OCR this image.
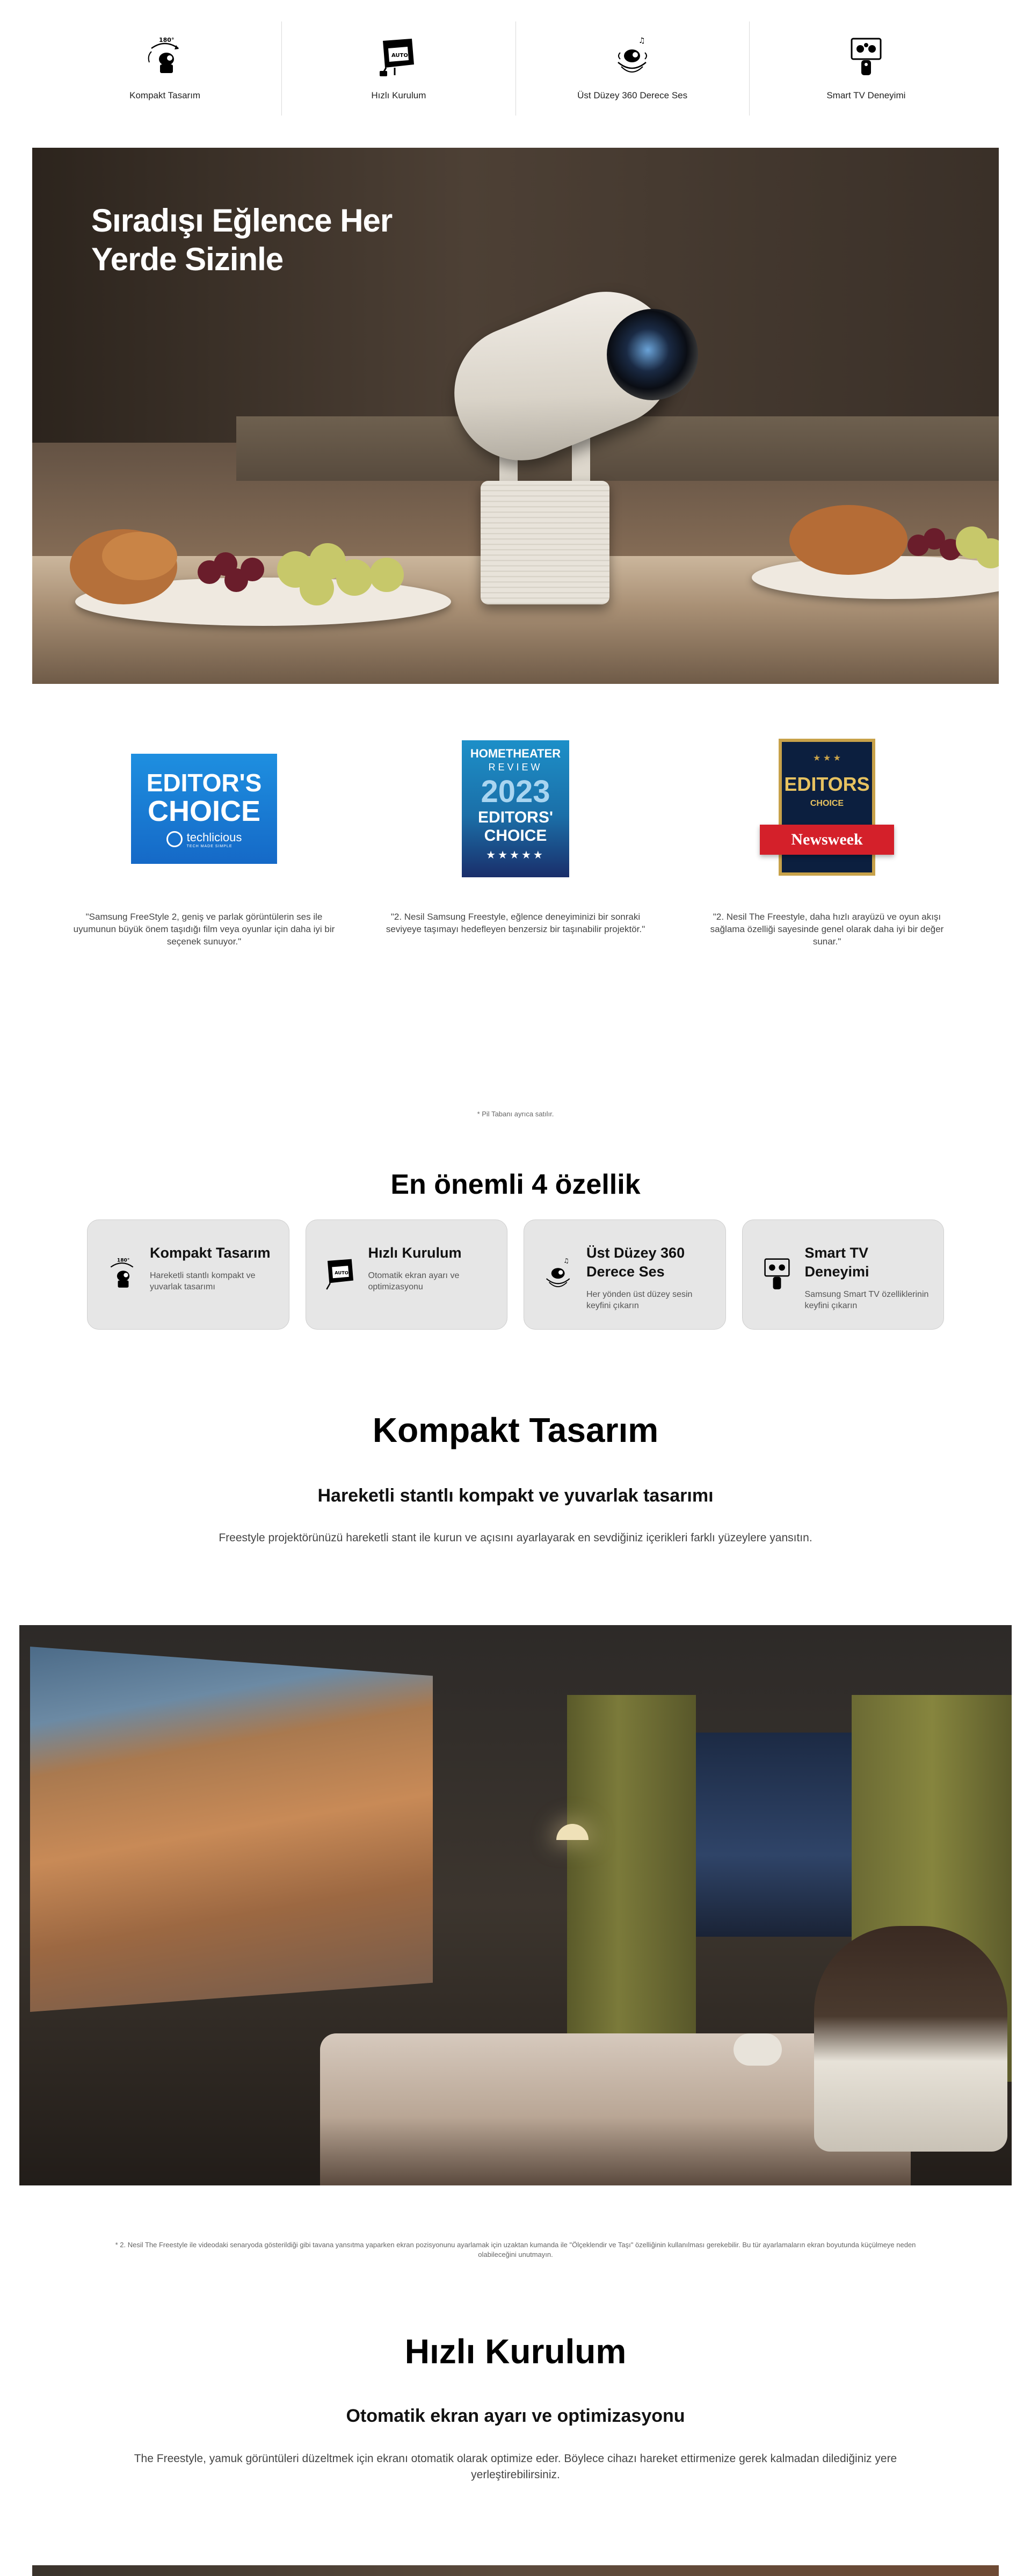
180°
Kompakt Tasarım
AUTO
Hızlı Kurulum
♫
Üst Düzey 360 Derece Ses	Smart TV Deneyimi
Sıradışı Eğlence Her
Yerde Sizinle
EDITOR'S
CHOICE
techlicious
TECH MADE SIMPLE
"Samsung FreeStyle 2, geniş ve parlak görüntülerin ses ile uyumunun büyük önem taşıdığı film veya oyunlar için daha iyi bir seçenek sunuyor."
HOMETHEATER
REVIEW
2023
EDITORS'
CHOICE
★★★★★
"2. Nesil Samsung Freestyle, eğlence deneyiminizi bir sonraki seviyeye taşımayı hedefleyen benzersiz bir taşınabilir projektör."
★ ★ ★
EDITORS
CHOICE
Newsweek
"2. Nesil The Freestyle, daha hızlı arayüzü ve oyun akışı sağlama özelliği sayesinde genel olarak daha iyi bir değer sunar."
* Pil Tabanı ayrıca satılır.
En önemli 4 özellik
180° Kompakt Tasarım
Hareketli stantlı kompakt ve yuvarlak tasarımı
AUTO
Hızlı Kurulum
Otomatik ekran ayarı ve optimizasyonu
♫ Üst Düzey 360 Derece Ses
Her yönden üst düzey sesin keyfini çıkarın
Smart TV Deneyimi
Samsung Smart TV özelliklerinin keyfini çıkarın
Kompakt Tasarım
Hareketli stantlı kompakt ve yuvarlak tasarımı
Freestyle projektörünüzü hareketli stant ile kurun ve açısını ayarlayarak en sevdiğiniz içerikleri farklı yüzeylere yansıtın.
* 2. Nesil The Freestyle ile videodaki senaryoda gösterildiği gibi tavana yansıtma yaparken ekran pozisyonunu ayarlamak için uzaktan kumanda ile "Ölçeklendir ve Taşı" özelliğinin kullanılması gerekebilir. Bu tür ayarlamaların ekran boyutunda küçülmeye neden olabileceğini unutmayın.
Hızlı Kurulum
Otomatik ekran ayarı ve optimizasyonu
The Freestyle, yamuk görüntüleri düzeltmek için ekranı otomatik olarak optimize eder. Böylece cihazı hareket ettirmenize gerek kalmadan dilediğiniz yere
yerleştirebilirsiniz.
